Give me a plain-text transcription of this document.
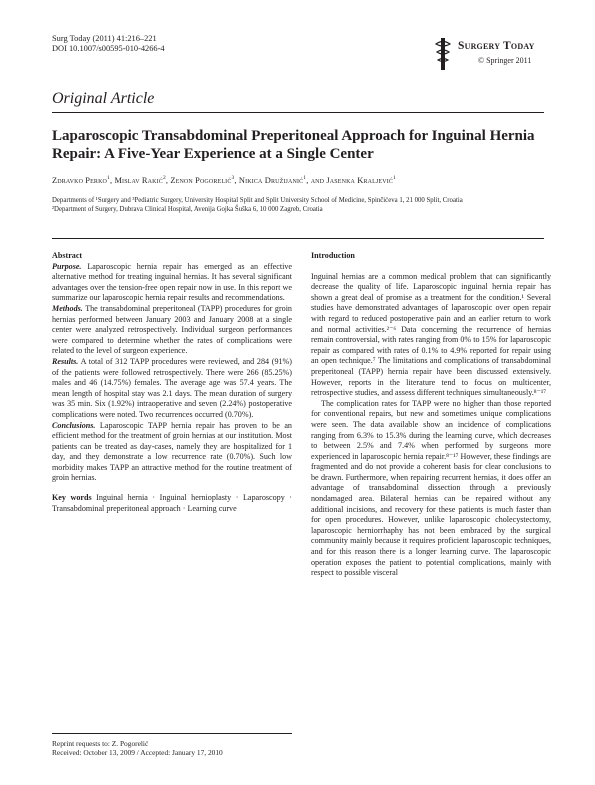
Surg Today (2011) 41:216–221
DOI 10.1007/s00595-010-4266-4	Surgery Today
© Springer 2011
Original Article
Laparoscopic Transabdominal Preperitoneal Approach for Inguinal Hernia Repair: A Five-Year Experience at a Single Center
Zdravko Perko$^1$, Mislav Rakić$^2$, Zenon Pogorelić$^3$, Nikica Družijanić$^1$, and Jasenka Kraljević$^1$
Departments of ¹Surgery and ³Pediatric Surgery, University Hospital Split and Split University School of Medicine, Spinčićeva 1, 21 000 Split, Croatia
²Department of Surgery, Dubrava Clinical Hospital, Avenija Gojka Šuška 6, 10 000 Zagreb, Croatia

Abstract

Purpose. Laparoscopic hernia repair has emerged as an effective alternative method for treating inguinal hernias. It has several significant advantages over the tension-free open repair now in use. In this report we summarize our laparoscopic hernia repair results and recommendations.

Methods. The transabdominal preperitoneal (TAPP) procedures for groin hernias performed between January 2003 and January 2008 at a single center were analyzed retrospectively. Individual surgeon performances were compared to determine whether the rates of complications were related to the level of surgeon experience.

Results. A total of 312 TAPP procedures were reviewed, and 284 (91%) of the patients were followed retrospectively. There were 266 (85.25%) males and 46 (14.75%) females. The average age was 57.4 years. The mean length of hospital stay was 2.1 days. The mean duration of surgery was 35 min. Six (1.92%) intraoperative and seven (2.24%) postoperative complications were noted. Two recurrences occurred (0.70%).

Conclusions. Laparoscopic TAPP hernia repair has proven to be an efficient method for the treatment of groin hernias at our institution. Most patients can be treated as day-cases, namely they are hospitalized for 1 day, and they demonstrate a low recurrence rate (0.70%). Such low morbidity makes TAPP an attractive method for the routine treatment of groin hernias.

Key words Inguinal hernia · Inguinal hernioplasty · Laparoscopy · Transabdominal preperitoneal approach · Learning curve

Reprint requests to: Z. Pogorelić
Received: October 13, 2009 / Accepted: January 17, 2010

Introduction

Inguinal hernias are a common medical problem that can significantly decrease the quality of life. Laparoscopic inguinal hernia repair has shown a great deal of promise as a treatment for the condition.¹ Several studies have demonstrated advantages of laparoscopic over open repair with regard to reduced postoperative pain and an earlier return to work and normal activities.²⁻⁶ Data concerning the recurrence of hernias remain controversial, with rates ranging from 0% to 15% for laparoscopic repair as compared with rates of 0.1% to 4.9% reported for repair using an open technique.⁷ The limitations and complications of transabdominal preperitoneal (TAPP) hernia repair have been discussed extensively. However, reports in the literature tend to focus on multicenter, retrospective studies, and assess different techniques simultaneously.⁸⁻¹⁷

The complication rates for TAPP were no higher than those reported for conventional repairs, but new and sometimes unique complications were seen. The data available show an incidence of complications ranging from 6.3% to 15.3% during the learning curve, which decreases to between 2.5% and 7.4% when performed by surgeons more experienced in laparoscopic hernia repair.⁸⁻¹⁷ However, these findings are fragmented and do not provide a coherent basis for clear conclusions to be drawn. Furthermore, when repairing recurrent hernias, it does offer an advantage of transabdominal dissection through a previously nondamaged area. Bilateral hernias can be repaired without any additional incisions, and recovery for these patients is much faster than for open procedures. However, unlike laparoscopic cholecystectomy, laparoscopic herniorrhaphy has not been embraced by the surgical community mainly because it requires proficient laparoscopic techniques, and for this reason there is a longer learning curve. The laparoscopic operation exposes the patient to potential complications, mainly with respect to possible visceral
